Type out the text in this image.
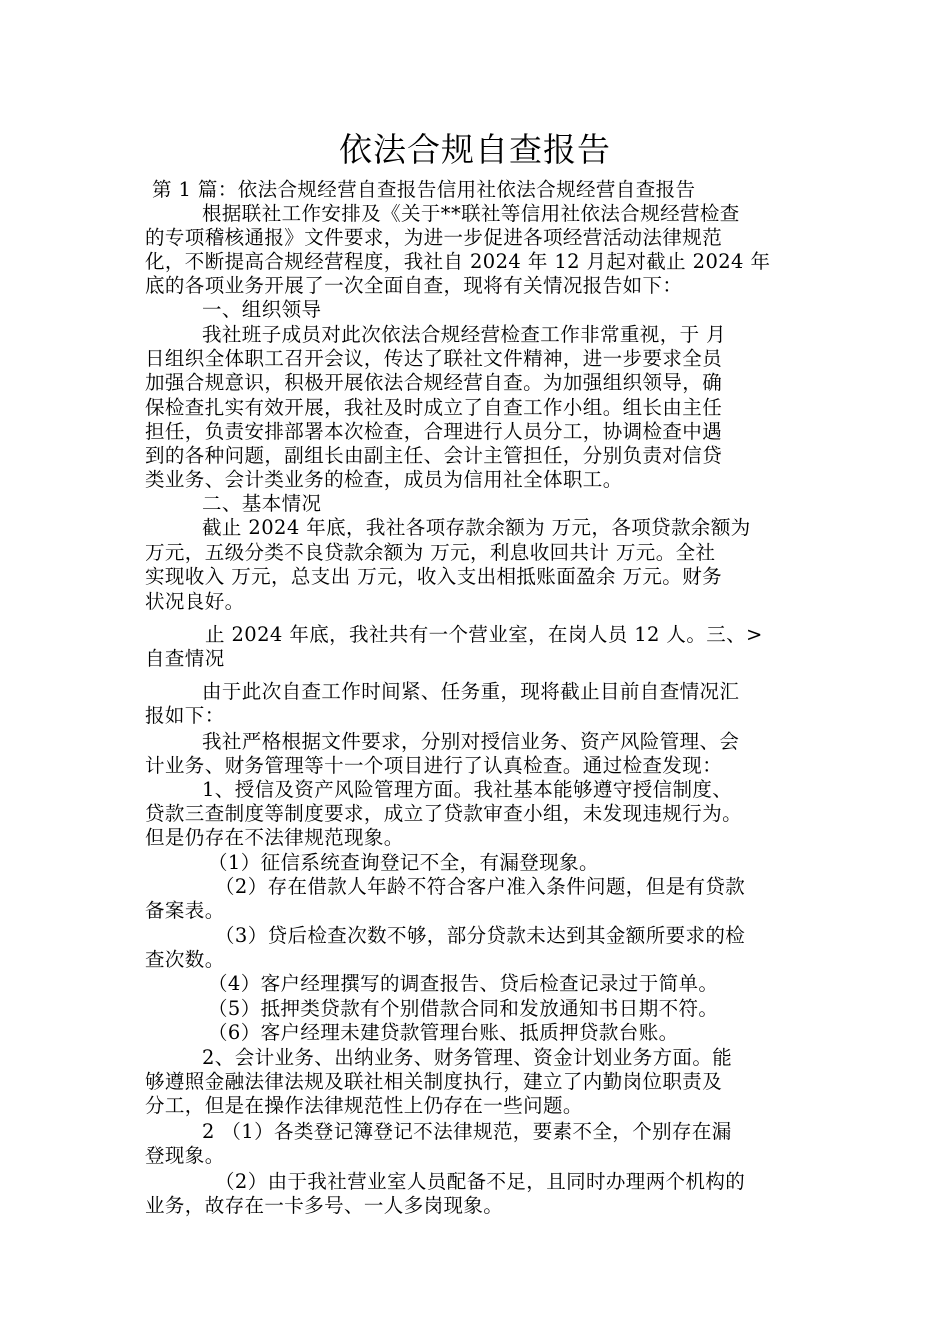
依法合规自查报告
第 1 篇：依法合规经营自查报告信用社依法合规经营自查报告
根据联社工作安排及《关于**联社等信用社依法合规经营检查
的专项稽核通报》文件要求，为进一步促进各项经营活动法律规范
化，不断提高合规经营程度，我社自 2024 年 12 月起对截止 2024 年
底的各项业务开展了一次全面自查，现将有关情况报告如下：
一、组织领导
我社班子成员对此次依法合规经营检查工作非常重视，于 月
日组织全体职工召开会议，传达了联社文件精神，进一步要求全员
加强合规意识，积极开展依法合规经营自查。为加强组织领导，确
保检查扎实有效开展，我社及时成立了自查工作小组。组长由主任
担任，负责安排部署本次检查，合理进行人员分工，协调检查中遇
到的各种问题，副组长由副主任、会计主管担任，分别负责对信贷
类业务、会计类业务的检查，成员为信用社全体职工。
二、基本情况
截止 2024 年底，我社各项存款余额为 万元，各项贷款余额为
万元，五级分类不良贷款余额为 万元，利息收回共计 万元。全社
实现收入 万元，总支出 万元，收入支出相抵账面盈余 万元。财务
状况良好。
止 2024 年底，我社共有一个营业室，在岗人员 12 人。三、>
自查情况
由于此次自查工作时间紧、任务重，现将截止目前自查情况汇
报如下：
我社严格根据文件要求，分别对授信业务、资产风险管理、会
计业务、财务管理等十一个项目进行了认真检查。通过检查发现：
1、授信及资产风险管理方面。我社基本能够遵守授信制度、
贷款三查制度等制度要求，成立了贷款审查小组，未发现违规行为。
但是仍存在不法律规范现象。
（1）征信系统查询登记不全，有漏登现象。
（2）存在借款人年龄不符合客户准入条件问题，但是有贷款
备案表。
（3）贷后检查次数不够，部分贷款未达到其金额所要求的检
查次数。
（4）客户经理撰写的调查报告、贷后检查记录过于简单。
（5）抵押类贷款有个别借款合同和发放通知书日期不符。
（6）客户经理未建贷款管理台账、抵质押贷款台账。
2、会计业务、出纳业务、财务管理、资金计划业务方面。能
够遵照金融法律法规及联社相关制度执行，建立了内勤岗位职责及
分工，但是在操作法律规范性上仍存在一些问题。
2 （1）各类登记簿登记不法律规范，要素不全，个别存在漏
登现象。
（2）由于我社营业室人员配备不足，且同时办理两个机构的
业务，故存在一卡多号、一人多岗现象。
